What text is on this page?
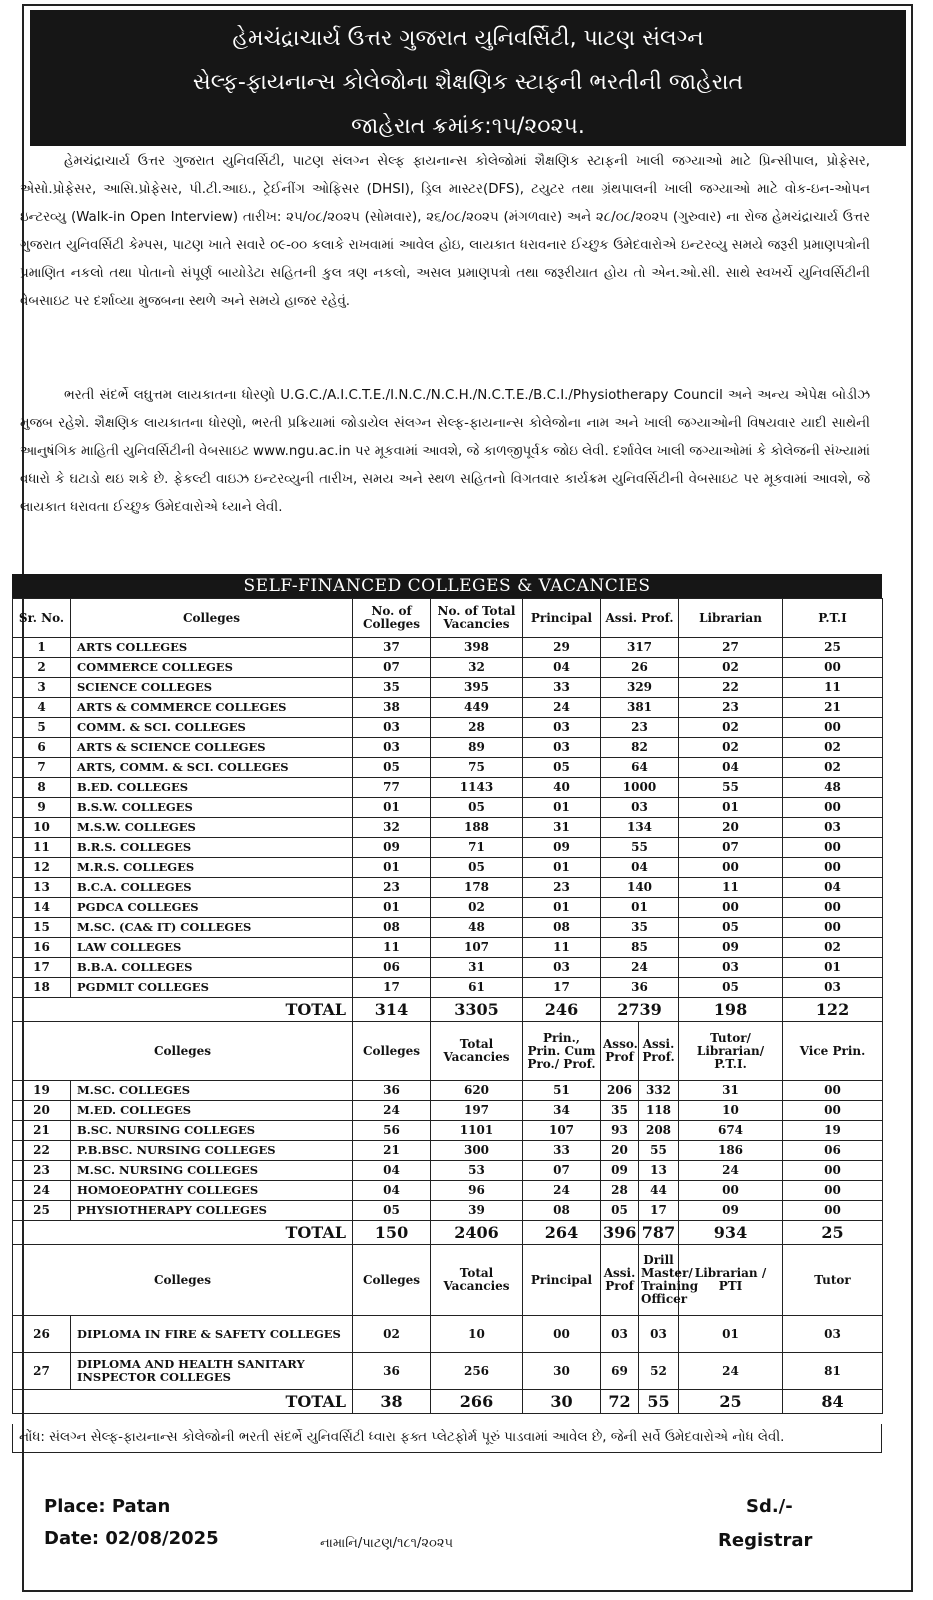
હેમચંદ્રાચાર્ય ઉત્તર ગુજરાત યુનિવર્સિટી, પાટણ સંલગ્ન
સેલ્ફ-ફાયનાન્સ કોલેજોના શૈક્ષણિક સ્ટાફની ભરતીની જાહેરાત
જાહેરાત ક્રમાંક:૧૫/૨૦૨૫.

હેમચંદ્રાચાર્ય ઉત્તર ગુજરાત યુનિવર્સિટી, પાટણ સંલગ્ન સેલ્ફ ફાયનાન્સ કોલેજોમાં શૈક્ષણિક સ્ટાફની ખાલી જગ્યાઓ માટે પ્રિન્સીપાલ, પ્રોફેસર, એસો.પ્રોફેસર, આસિ.પ્રોફેસર, પી.ટી.આઇ., ટ્રેઈનીંગ ઓફિસર (DHSI), ડ્રિલ માસ્ટર(DFS), ટયુટર તથા ગ્રંથપાલની ખાલી જગ્યાઓ માટે વોક-ઇન-ઓપન ઇન્ટરવ્યુ (Walk-in Open Interview) તારીખ: ૨૫/૦૮/૨૦૨૫ (સોમવાર), ૨૬/૦૮/૨૦૨૫ (મંગળવાર) અને ૨૮/૦૮/૨૦૨૫ (ગુરુવાર) ના રોજ હેમચંદ્રાચાર્ય ઉત્તર ગુજરાત યુનિવર્સિટી કેમ્પસ, પાટણ ખાતે સવારે ૦૯-૦૦ કલાકે રાખવામાં આવેલ હોઇ, લાયકાત ધરાવનાર ઈચ્છુક ઉમેદવારોએ ઇન્ટરવ્યુ સમયે જરૂરી પ્રમાણપત્રોની પ્રમાણિત નકલો તથા પોતાનો સંપૂર્ણ બાયોડેટા સહિતની કુલ ત્રણ નકલો, અસલ પ્રમાણપત્રો તથા જરૂરીયાત હોય તો એન.ઓ.સી. સાથે સ્વખર્ચે યુનિવર્સિટીની વેબસાઇટ પર દર્શાવ્યા મુજબના સ્થળે અને સમયે હાજર રહેવું.

ભરતી સંદર્ભે લઘુત્તમ લાયકાતના ધોરણો U.G.C./A.I.C.T.E./I.N.C./N.C.H./N.C.T.E./B.C.I./Physiotherapy Council અને અન્ય એપેક્ષ બોડીઝ મુજબ રહેશે. શૈક્ષણિક લાયકાતના ધોરણો, ભરતી પ્રક્રિયામાં જોડાયેલ સંલગ્ન સેલ્ફ-ફાયનાન્સ કોલેજોના નામ અને ખાલી જગ્યાઓની વિષયવાર યાદી સાથેની આનુષંગિક માહિતી યુનિવર્સિટીની વેબસાઇટ www.ngu.ac.in પર મૂકવામાં આવશે, જે કાળજીપૂર્વક જોઇ લેવી. દર્શાવેલ ખાલી જગ્યાઓમાં કે કોલેજની સંખ્યામાં વધારો કે ઘટાડો થઇ શકે છે. ફેકલ્ટી વાઇઝ ઇન્ટરવ્યુની તારીખ, સમય અને સ્થળ સહિતનો વિગતવાર કાર્યક્રમ યુનિવર્સિટીની વેબસાઇટ પર મૂકવામાં આવશે, જે લાયકાત ધરાવતા ઈચ્છુક ઉમેદવારોએ ધ્યાને લેવી.

SELF-FINANCED COLLEGES & VACANCIES
Sr. No.	Colleges	No. of Colleges	No. of Total Vacancies	Principal	Assi. Prof.		Librarian	P.T.I
1	ARTS COLLEGES	37	398	29	317		27	25
2	COMMERCE COLLEGES	07	32	04	26		02	00
3	SCIENCE COLLEGES	35	395	33	329		22	11
4	ARTS & COMMERCE COLLEGES	38	449	24	381		23	21
5	COMM. & SCI. COLLEGES	03	28	03	23		02	00
6	ARTS & SCIENCE COLLEGES	03	89	03	82		02	02
7	ARTS, COMM. & SCI. COLLEGES	05	75	05	64		04	02
8	B.ED. COLLEGES	77	1143	40	1000		55	48
9	B.S.W. COLLEGES	01	05	01	03		01	00
10	M.S.W. COLLEGES	32	188	31	134		20	03
11	B.R.S. COLLEGES	09	71	09	55		07	00
12	M.R.S. COLLEGES	01	05	01	04		00	00
13	B.C.A. COLLEGES	23	178	23	140		11	04
14	PGDCA COLLEGES	01	02	01	01		00	00
15	M.SC. (CA& IT) COLLEGES	08	48	08	35		05	00
16	LAW COLLEGES	11	107	11	85		09	02
17	B.B.A. COLLEGES	06	31	03	24		03	01
18	PGDMLT COLLEGES	17	61	17	36		05	03
TOTAL		314	3305	246	2739		198	122
Colleges		Colleges	Total Vacancies	Prin., Prin. Cum Pro./ Prof.	Asso. Prof	Assi. Prof.	Tutor/ Librarian/ P.T.I.	Vice Prin.
19	M.SC. COLLEGES	36	620	51	206	332	31	00
20	M.ED. COLLEGES	24	197	34	35	118	10	00
21	B.SC. NURSING COLLEGES	56	1101	107	93	208	674	19
22	P.B.BSC. NURSING COLLEGES	21	300	33	20	55	186	06
23	M.SC. NURSING COLLEGES	04	53	07	09	13	24	00
24	HOMOEOPATHY COLLEGES	04	96	24	28	44	00	00
25	PHYSIOTHERAPY COLLEGES	05	39	08	05	17	09	00
TOTAL		150	2406	264	396	787	934	25
Colleges		Colleges	Total Vacancies	Principal	Assi. Prof	Drill Master/ Training Officer	Librarian / PTI	Tutor
26	DIPLOMA IN FIRE & SAFETY COLLEGES	02	10	00	03	03	01	03
27	DIPLOMA AND HEALTH SANITARY INSPECTOR COLLEGES	36	256	30	69	52	24	81
TOTAL		38	266	30	72	55	25	84
નોંધ: સંલગ્ન સેલ્ફ-ફાયનાન્સ કોલેજોની ભરતી સંદર્ભે યુનિવર્સિટી ધ્વારા ફક્ત પ્લેટફોર્મ પૂરું પાડવામાં આવેલ છે, જેની સર્વે ઉમેદવારોએ નોધ લેવી.
Place: Patan
Date: 02/08/2025	નામાનિ/પાટણ/૧૮૧/૨૦૨૫
Sd./-
Registrar
